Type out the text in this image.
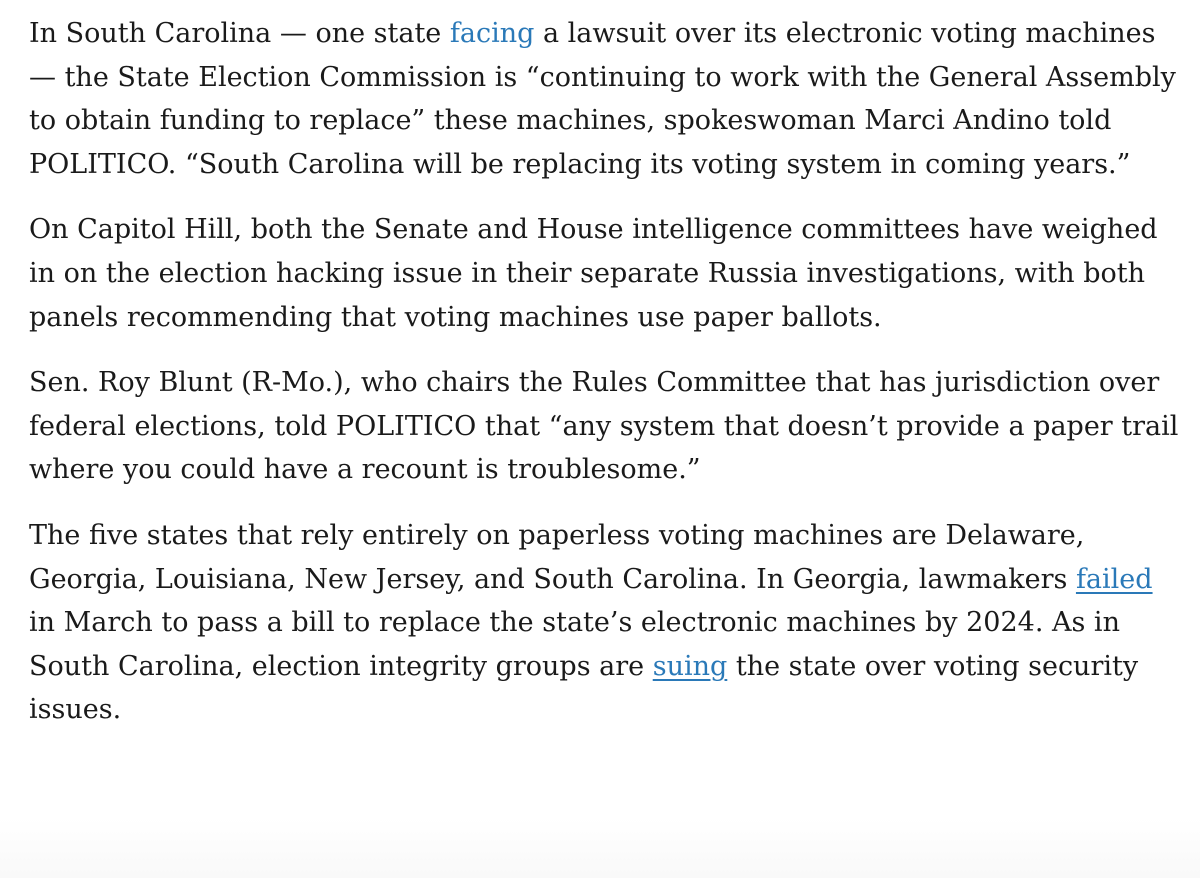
In South Carolina — one state facing a lawsuit over its electronic voting machines — the State Election Commission is “continuing to work with the General Assembly to obtain funding to replace” these machines, spokeswoman Marci Andino told POLITICO. “South Carolina will be replacing its voting system in coming years.”

On Capitol Hill, both the Senate and House intelligence committees have weighed in on the election hacking issue in their separate Russia investigations, with both panels recommending that voting machines use paper ballots.

Sen. Roy Blunt (R-Mo.), who chairs the Rules Committee that has jurisdiction over federal elections, told POLITICO that “any system that doesn’t provide a paper trail where you could have a recount is troublesome.”

The five states that rely entirely on paperless voting machines are Delaware, Georgia, Louisiana, New Jersey, and South Carolina. In Georgia, lawmakers failed in March to pass a bill to replace the state’s electronic machines by 2024. As in South Carolina, election integrity groups are suing the state over voting security issues.
